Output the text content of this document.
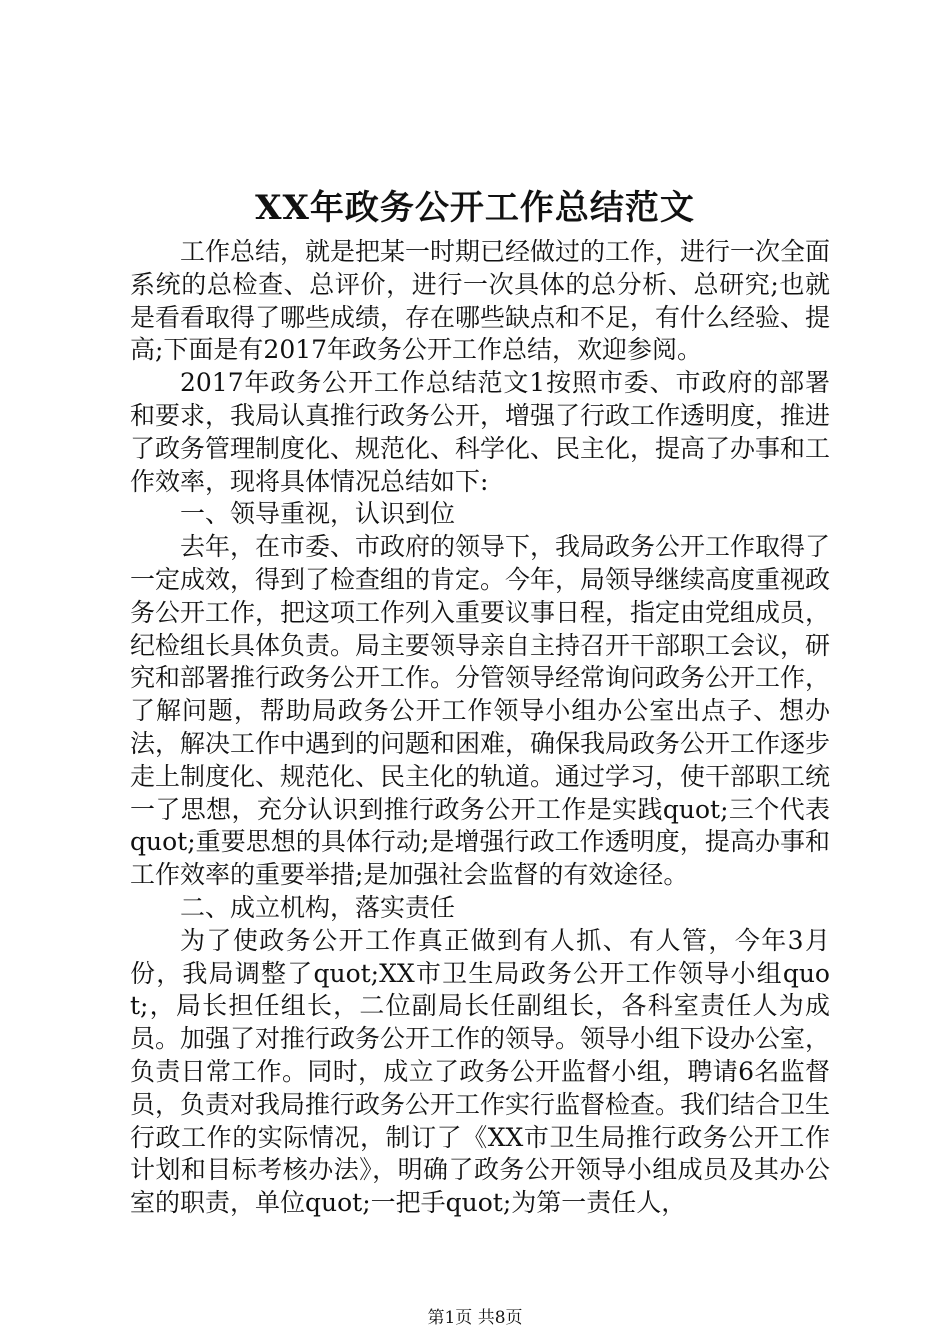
XX年政务公开工作总结范文

工作总结，就是把某一时期已经做过的工作，进行一次全面系统的总检查、总评价，进行一次具体的总分析、总研究;也就是看看取得了哪些成绩，存在哪些缺点和不足，有什么经验、提高;下面是有2017年政务公开工作总结，欢迎参阅。

2017年政务公开工作总结范文1按照市委、市政府的部署和要求，我局认真推行政务公开，增强了行政工作透明度，推进了政务管理制度化、规范化、科学化、民主化，提高了办事和工作效率，现将具体情况总结如下:

一、领导重视，认识到位

去年，在市委、市政府的领导下，我局政务公开工作取得了一定成效，得到了检查组的肯定。今年，局领导继续高度重视政务公开工作，把这项工作列入重要议事日程，指定由党组成员，纪检组长具体负责。局主要领导亲自主持召开干部职工会议，研究和部署推行政务公开工作。分管领导经常询问政务公开工作，了解问题，帮助局政务公开工作领导小组办公室出点子、想办法，解决工作中遇到的问题和困难，确保我局政务公开工作逐步走上制度化、规范化、民主化的轨道。通过学习，使干部职工统一了思想，充分认识到推行政务公开工作是实践quot;三个代表quot;重要思想的具体行动;是增强行政工作透明度，提高办事和工作效率的重要举措;是加强社会监督的有效途径。

二、成立机构，落实责任

为了使政务公开工作真正做到有人抓、有人管，今年3月份，我局调整了quot;XX市卫生局政务公开工作领导小组quot;，局长担任组长，二位副局长任副组长，各科室责任人为成员。加强了对推行政务公开工作的领导。领导小组下设办公室，负责日常工作。同时，成立了政务公开监督小组，聘请6名监督员，负责对我局推行政务公开工作实行监督检查。我们结合卫生行政工作的实际情况，制订了《XX市卫生局推行政务公开工作计划和目标考核办法》，明确了政务公开领导小组成员及其办公室的职责，单位quot;一把手quot;为第一责任人，

第1页 共8页
